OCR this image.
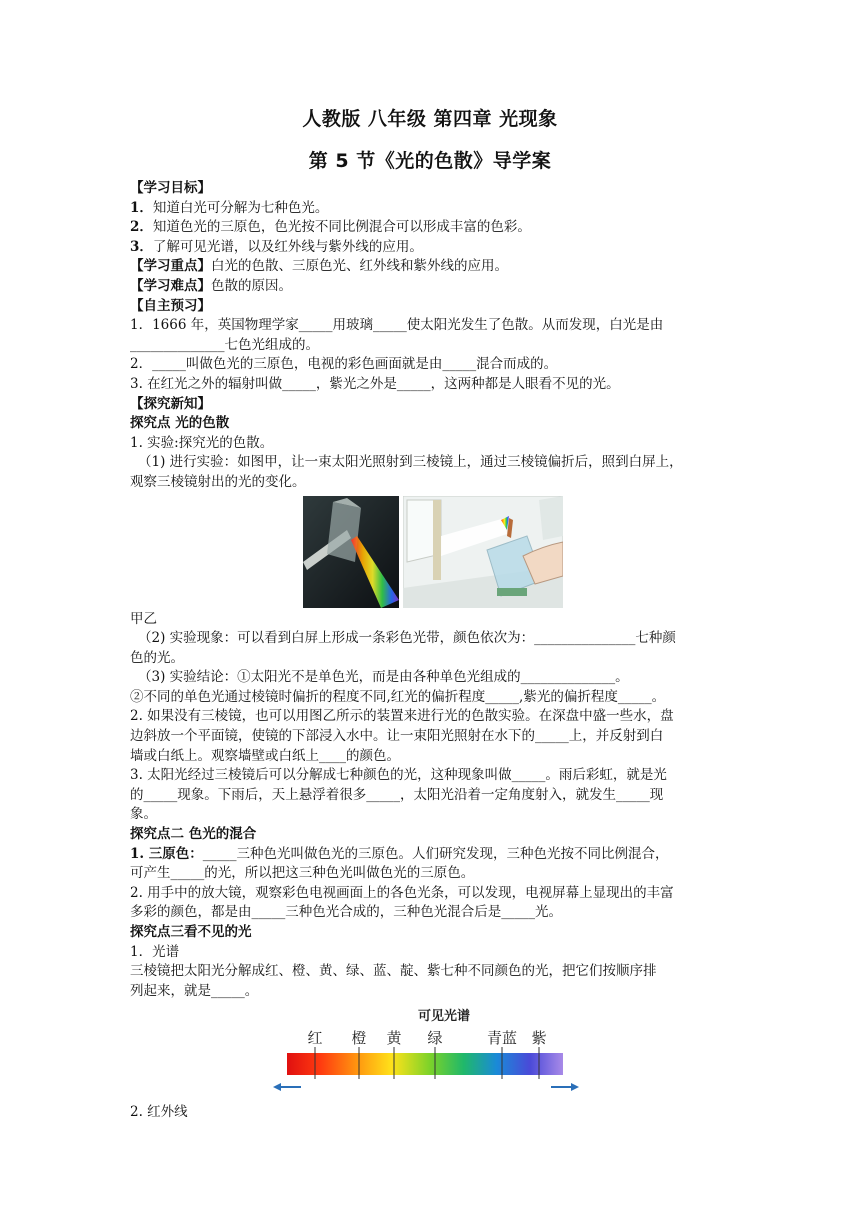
人教版 八年级 第四章 光现象
第 5 节《光的色散》导学案

【学习目标】

1．知道白光可分解为七种色光。

2．知道色光的三原色，色光按不同比例混合可以形成丰富的色彩。

3．了解可见光谱，以及红外线与紫外线的应用。

【学习重点】白光的色散、三原色光、红外线和紫外线的应用。

【学习难点】色散的原因。

【自主预习】

1．1666 年，英国物理学家_____用玻璃_____使太阳光发生了色散。从而发现，白光是由

______________七色光组成的。

2．_____叫做色光的三原色，电视的彩色画面就是由_____混合而成的。

3. 在红光之外的辐射叫做_____，紫光之外是_____，这两种都是人眼看不见的光。

【探究新知】

探究点 光的色散

1. 实验:探究光的色散。

（1) 进行实验：如图甲，让一束太阳光照射到三棱镜上，通过三棱镜偏折后，照到白屏上，

观察三棱镜射出的光的变化。

甲乙

（2) 实验现象：可以看到白屏上形成一条彩色光带，颜色依次为：_______________七种颜

色的光。

（3) 实验结论：①太阳光不是单色光，而是由各种单色光组成的______________。

②不同的单色光通过棱镜时偏折的程度不同,红光的偏折程度_____,紫光的偏折程度_____。

2. 如果没有三棱镜，也可以用图乙所示的装置来进行光的色散实验。在深盘中盛一些水，盘

边斜放一个平面镜，使镜的下部浸入水中。让一束阳光照射在水下的_____上，并反射到白

墙或白纸上。观察墙壁或白纸上____的颜色。

3. 太阳光经过三棱镜后可以分解成七种颜色的光，这种现象叫做_____。雨后彩虹，就是光

的_____现象。下雨后，天上悬浮着很多_____，太阳光沿着一定角度射入，就发生_____现

象。

探究点二 色光的混合

1. 三原色：_____三种色光叫做色光的三原色。人们研究发现，三种色光按不同比例混合，

可产生_____的光，所以把这三种色光叫做色光的三原色。

2. 用手中的放大镜，观察彩色电视画面上的各色光条，可以发现，电视屏幕上显现出的丰富

多彩的颜色，都是由_____三种色光合成的，三种色光混合后是_____光。

探究点三看不见的光

1．光谱

三棱镜把太阳光分解成红、橙、黄、绿、蓝、靛、紫七种不同颜色的光，把它们按顺序排

列起来，就是_____。

可见光谱
红 橙 黄 绿	青蓝 紫

2. 红外线
